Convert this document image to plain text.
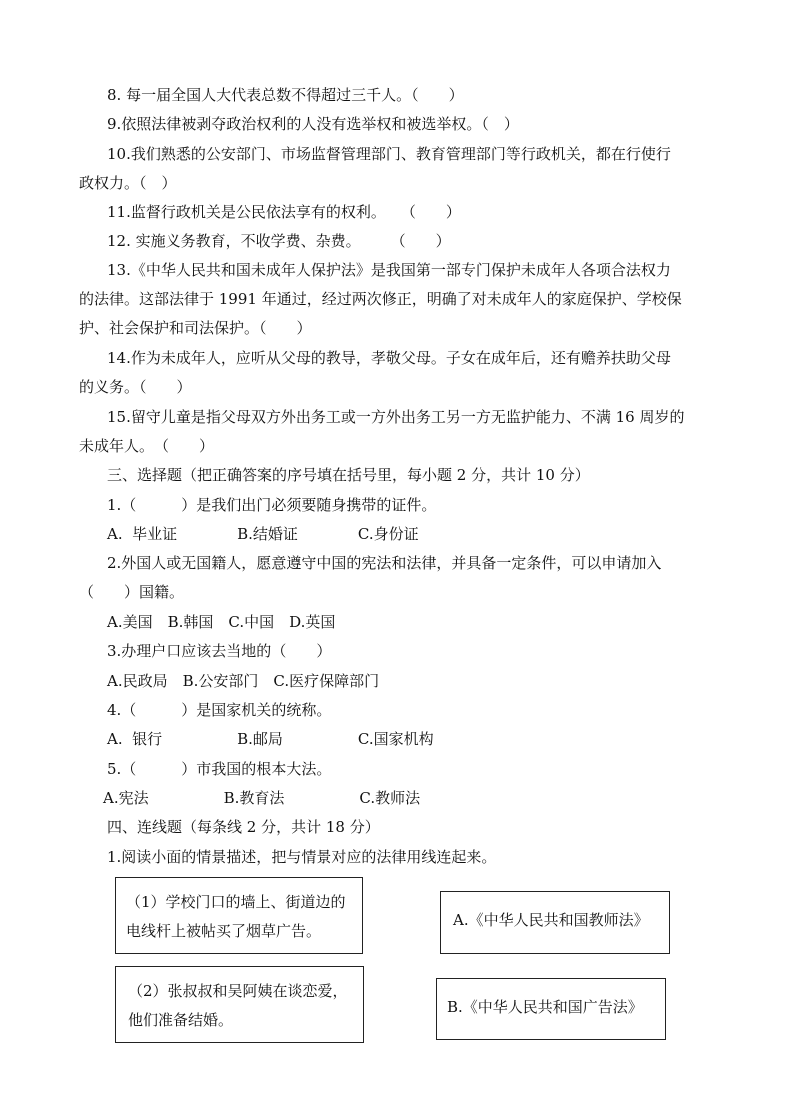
8. 每一届全国人大代表总数不得超过三千人。（　　）
9.依照法律被剥夺政治权利的人没有选举权和被选举权。（　）
10.我们熟悉的公安部门、市场监督管理部门、教育管理部门等行政机关，都在行使行
政权力。（　）
11.监督行政机关是公民依法享有的权利。　　（　　）
12. 实施义务教育，不收学费、杂费。　　　（　　）
13.《中华人民共和国未成年人保护法》是我国第一部专门保护未成年人各项合法权力
的法律。这部法律于 1991 年通过，经过两次修正，明确了对未成年人的家庭保护、学校保
护、社会保护和司法保护。（　　）
14.作为未成年人，应听从父母的教导，孝敬父母。子女在成年后，还有赡养扶助父母
的义务。（　　）
15.留守儿童是指父母双方外出务工或一方外出务工另一方无监护能力、不满 16 周岁的
未成年人。　（　　）
三、选择题（把正确答案的序号填在括号里，每小题 2 分，共计 10 分）
1.（　　　）是我们出门必须要随身携带的证件。
A.  毕业证　　　　B.结婚证　　　　C.身份证
2.外国人或无国籍人，愿意遵守中国的宪法和法律，并具备一定条件，可以申请加入
（　　）国籍。
A.美国　B.韩国　C.中国　D.英国
3.办理户口应该去当地的（　　）
A.民政局　B.公安部门　C.医疗保障部门
4.（　　　）是国家机关的统称。
A.  银行　　　　　B.邮局　　　　　C.国家机构
5.（　　　）市我国的根本大法。
A.宪法　　　　　B.教育法　　　　　C.教师法
四、连线题（每条线 2 分，共计 18 分）
1.阅读小面的情景描述，把与情景对应的法律用线连起来。
（1）学校门口的墙上、街道边的
电线杆上被帖买了烟草广告。
（2）张叔叔和吴阿姨在谈恋爱，
他们准备结婚。
A.《中华人民共和国教师法》
B.《中华人民共和国广告法》
